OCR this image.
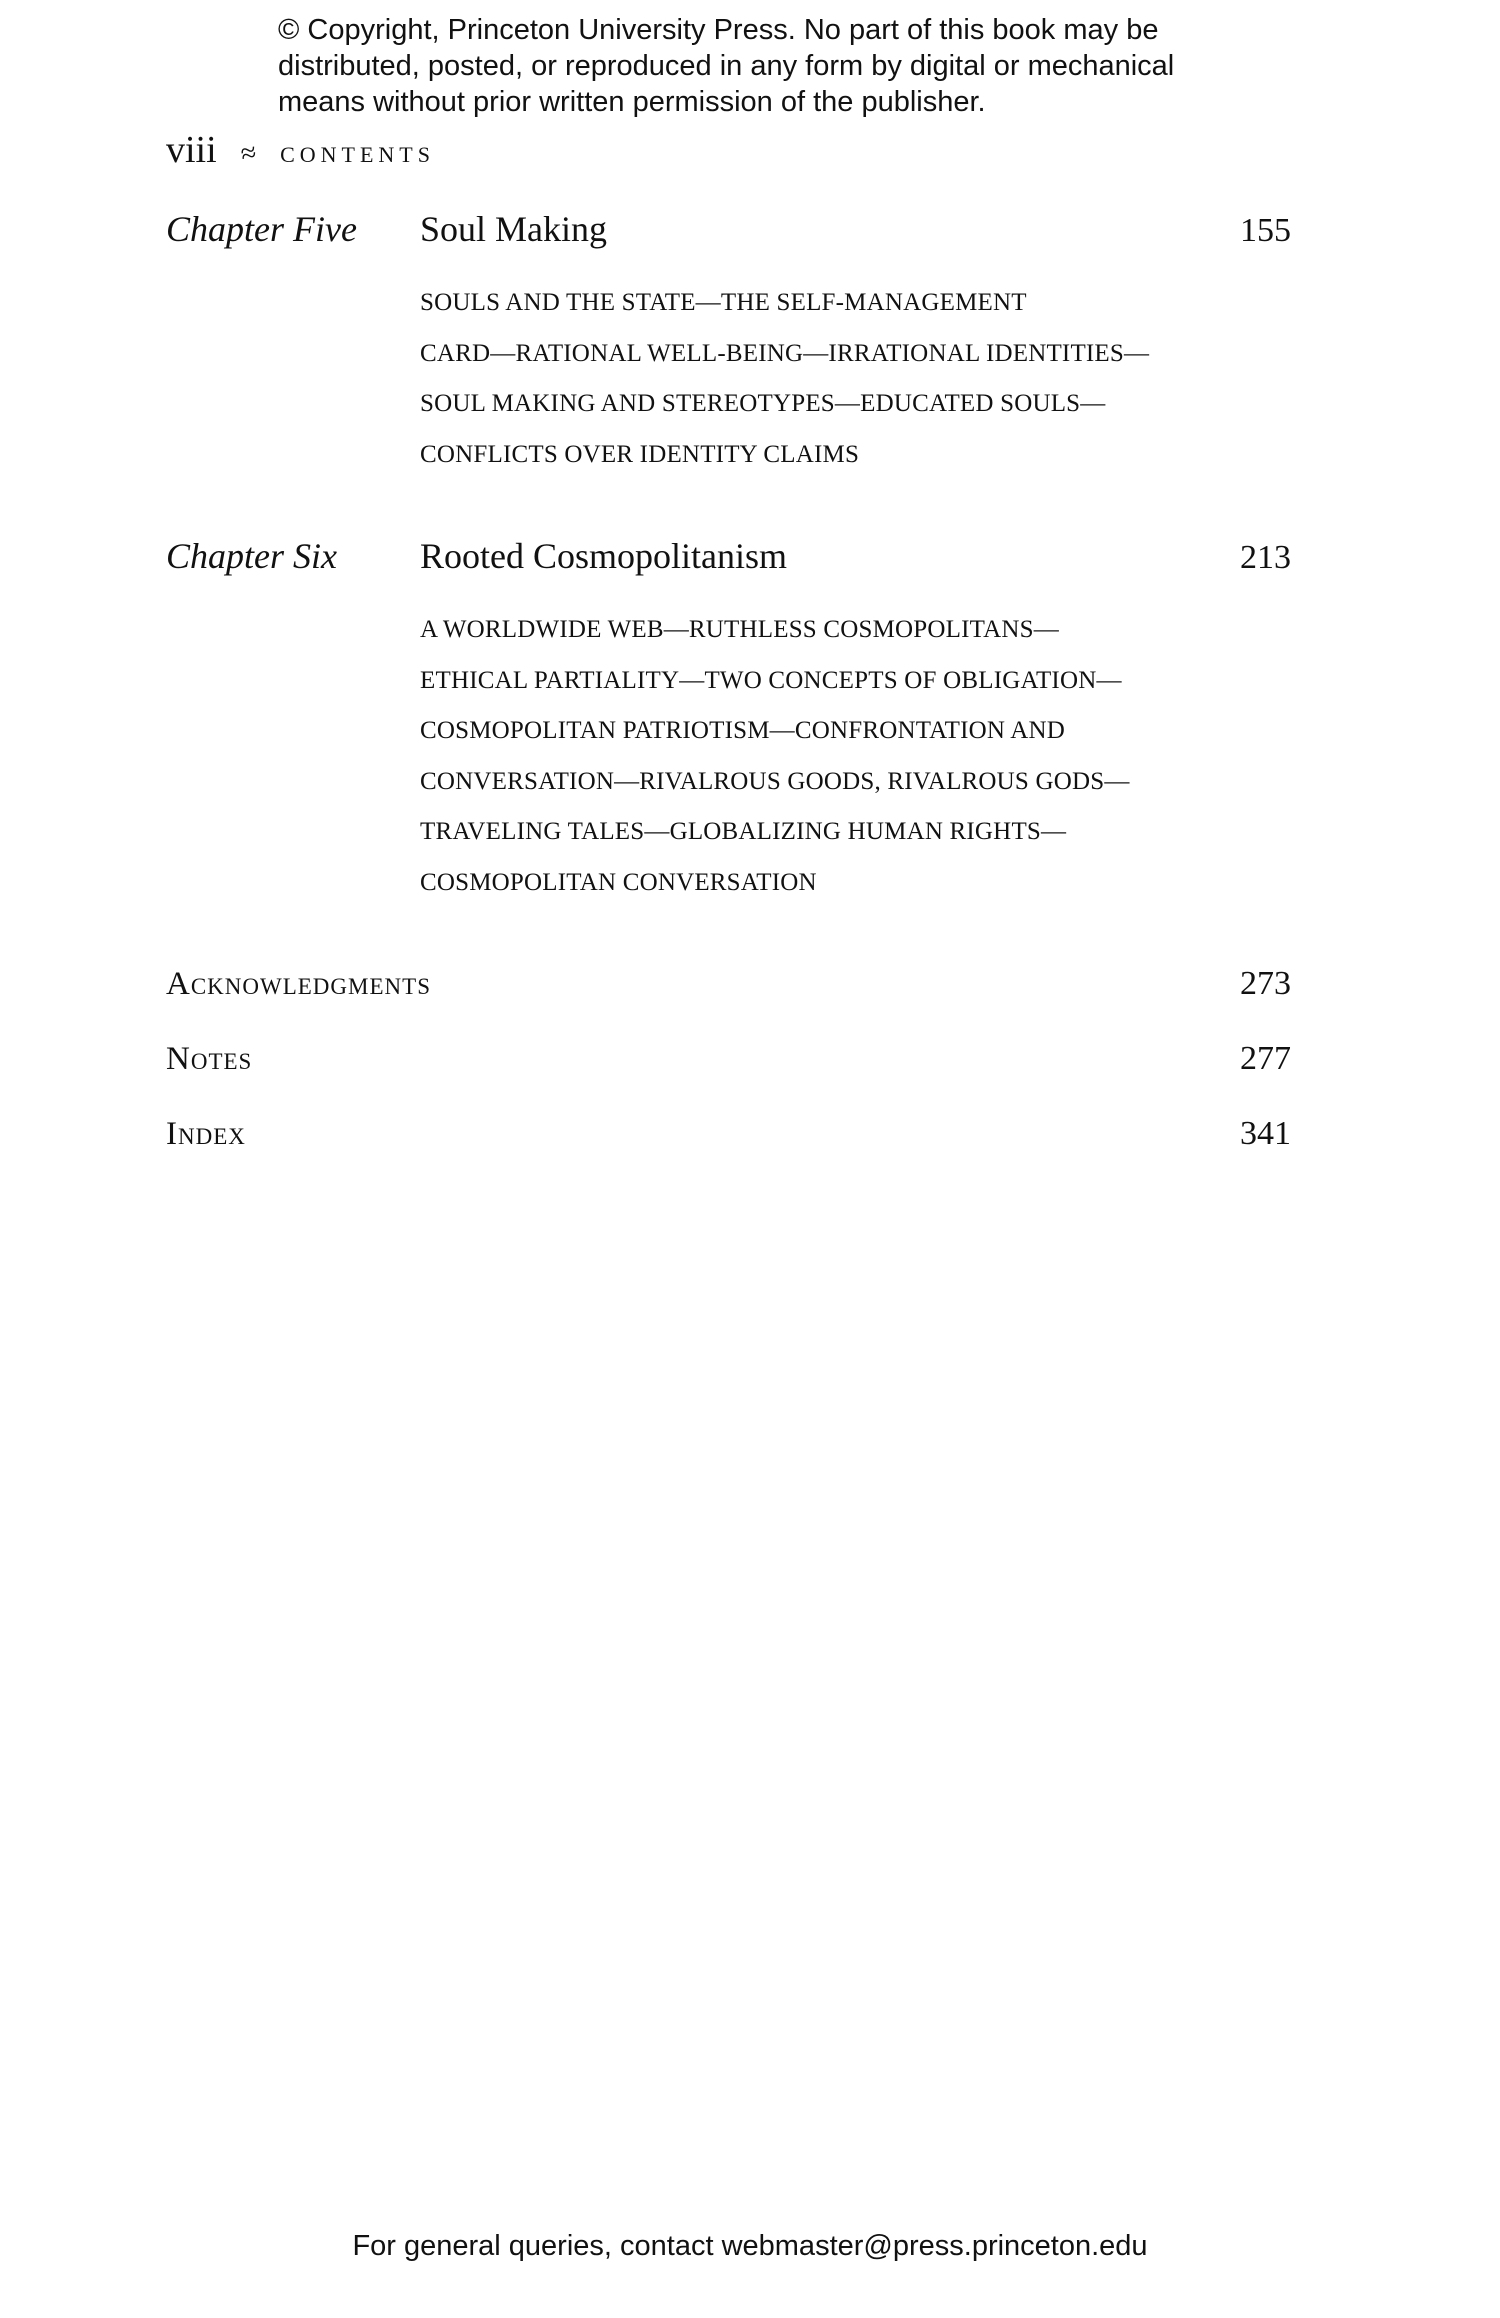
© Copyright, Princeton University Press. No part of this book may be
distributed, posted, or reproduced in any form by digital or mechanical
means without prior written permission of the publisher.
viii ≈ CONTENTS
Chapter Five	Soul Making	155
SOULS AND THE STATE—THE SELF-MANAGEMENT
CARD—RATIONAL WELL-BEING—IRRATIONAL IDENTITIES—
SOUL MAKING AND STEREOTYPES—EDUCATED SOULS—
CONFLICTS OVER IDENTITY CLAIMS
Chapter Six	Rooted Cosmopolitanism	213
A WORLDWIDE WEB—RUTHLESS COSMOPOLITANS—
ETHICAL PARTIALITY—TWO CONCEPTS OF OBLIGATION—
COSMOPOLITAN PATRIOTISM—CONFRONTATION AND
CONVERSATION—RIVALROUS GOODS, RIVALROUS GODS—
TRAVELING TALES—GLOBALIZING HUMAN RIGHTS—
COSMOPOLITAN CONVERSATION
Acknowledgments	273
Notes	277
Index	341
For general queries, contact webmaster@press.princeton.edu
